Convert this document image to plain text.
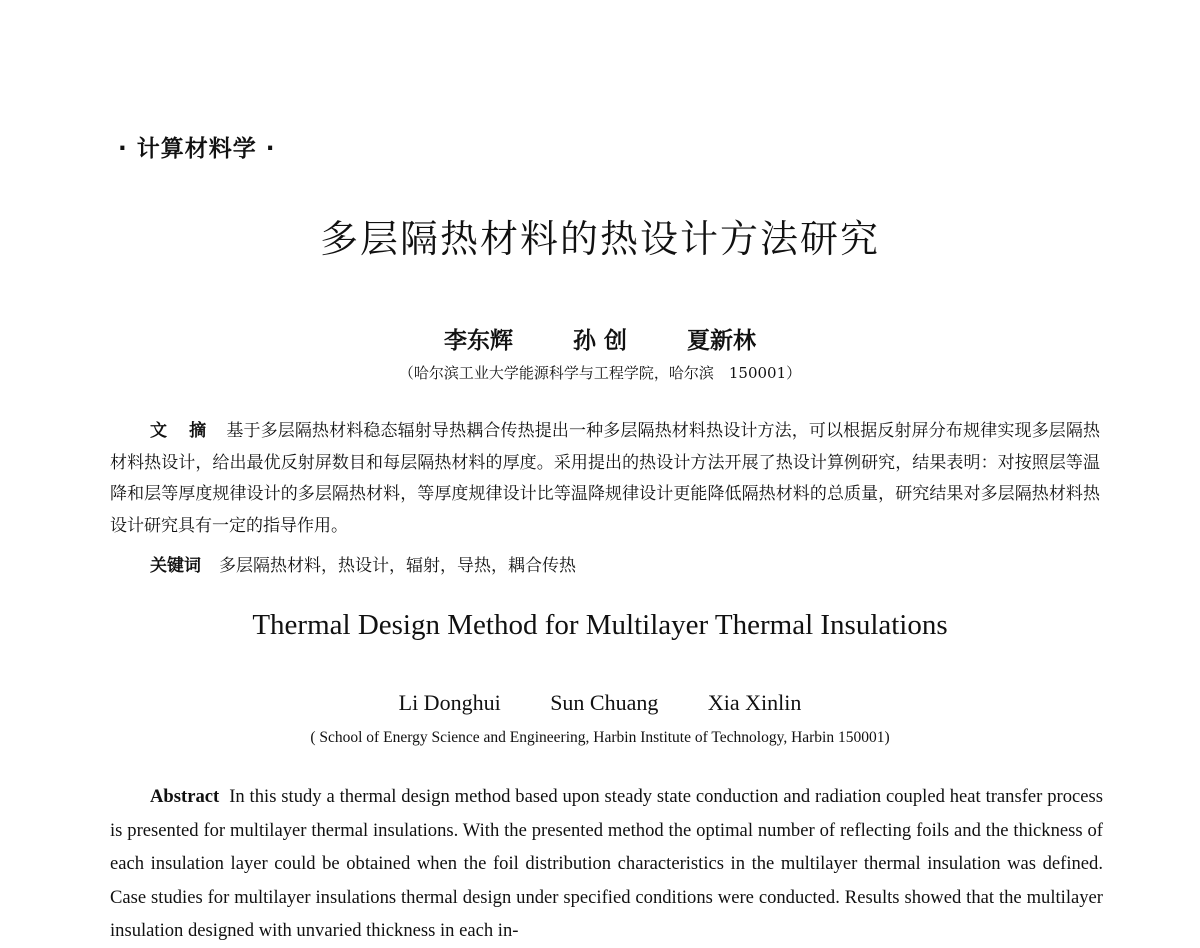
· 计算材料学 ·
多层隔热材料的热设计方法研究
李东辉	孙 创	夏新林
（哈尔滨工业大学能源科学与工程学院，哈尔滨　150001）
文 摘 基于多层隔热材料稳态辐射导热耦合传热提出一种多层隔热材料热设计方法，可以根据反射屏分布规律实现多层隔热材料热设计，给出最优反射屏数目和每层隔热材料的厚度。采用提出的热设计方法开展了热设计算例研究，结果表明：对按照层等温降和层等厚度规律设计的多层隔热材料，等厚度规律设计比等温降规律设计更能降低隔热材料的总质量，研究结果对多层隔热材料热设计研究具有一定的指导作用。
关键词 多层隔热材料，热设计，辐射，导热，耦合传热
Thermal Design Method for Multilayer Thermal Insulations
Li Donghui Sun Chuang Xia Xinlin
( School of Energy Science and Engineering, Harbin Institute of Technology, Harbin 150001)
Abstract In this study a thermal design method based upon steady state conduction and radiation coupled heat transfer process is presented for multilayer thermal insulations. With the presented method the optimal number of reflecting foils and the thickness of each insulation layer could be obtained when the foil distribution characteristics in the multilayer thermal insulation was defined. Case studies for multilayer insulations thermal design under specified conditions were conducted. Results showed that the multilayer insulation designed with unvaried thickness in each in-
